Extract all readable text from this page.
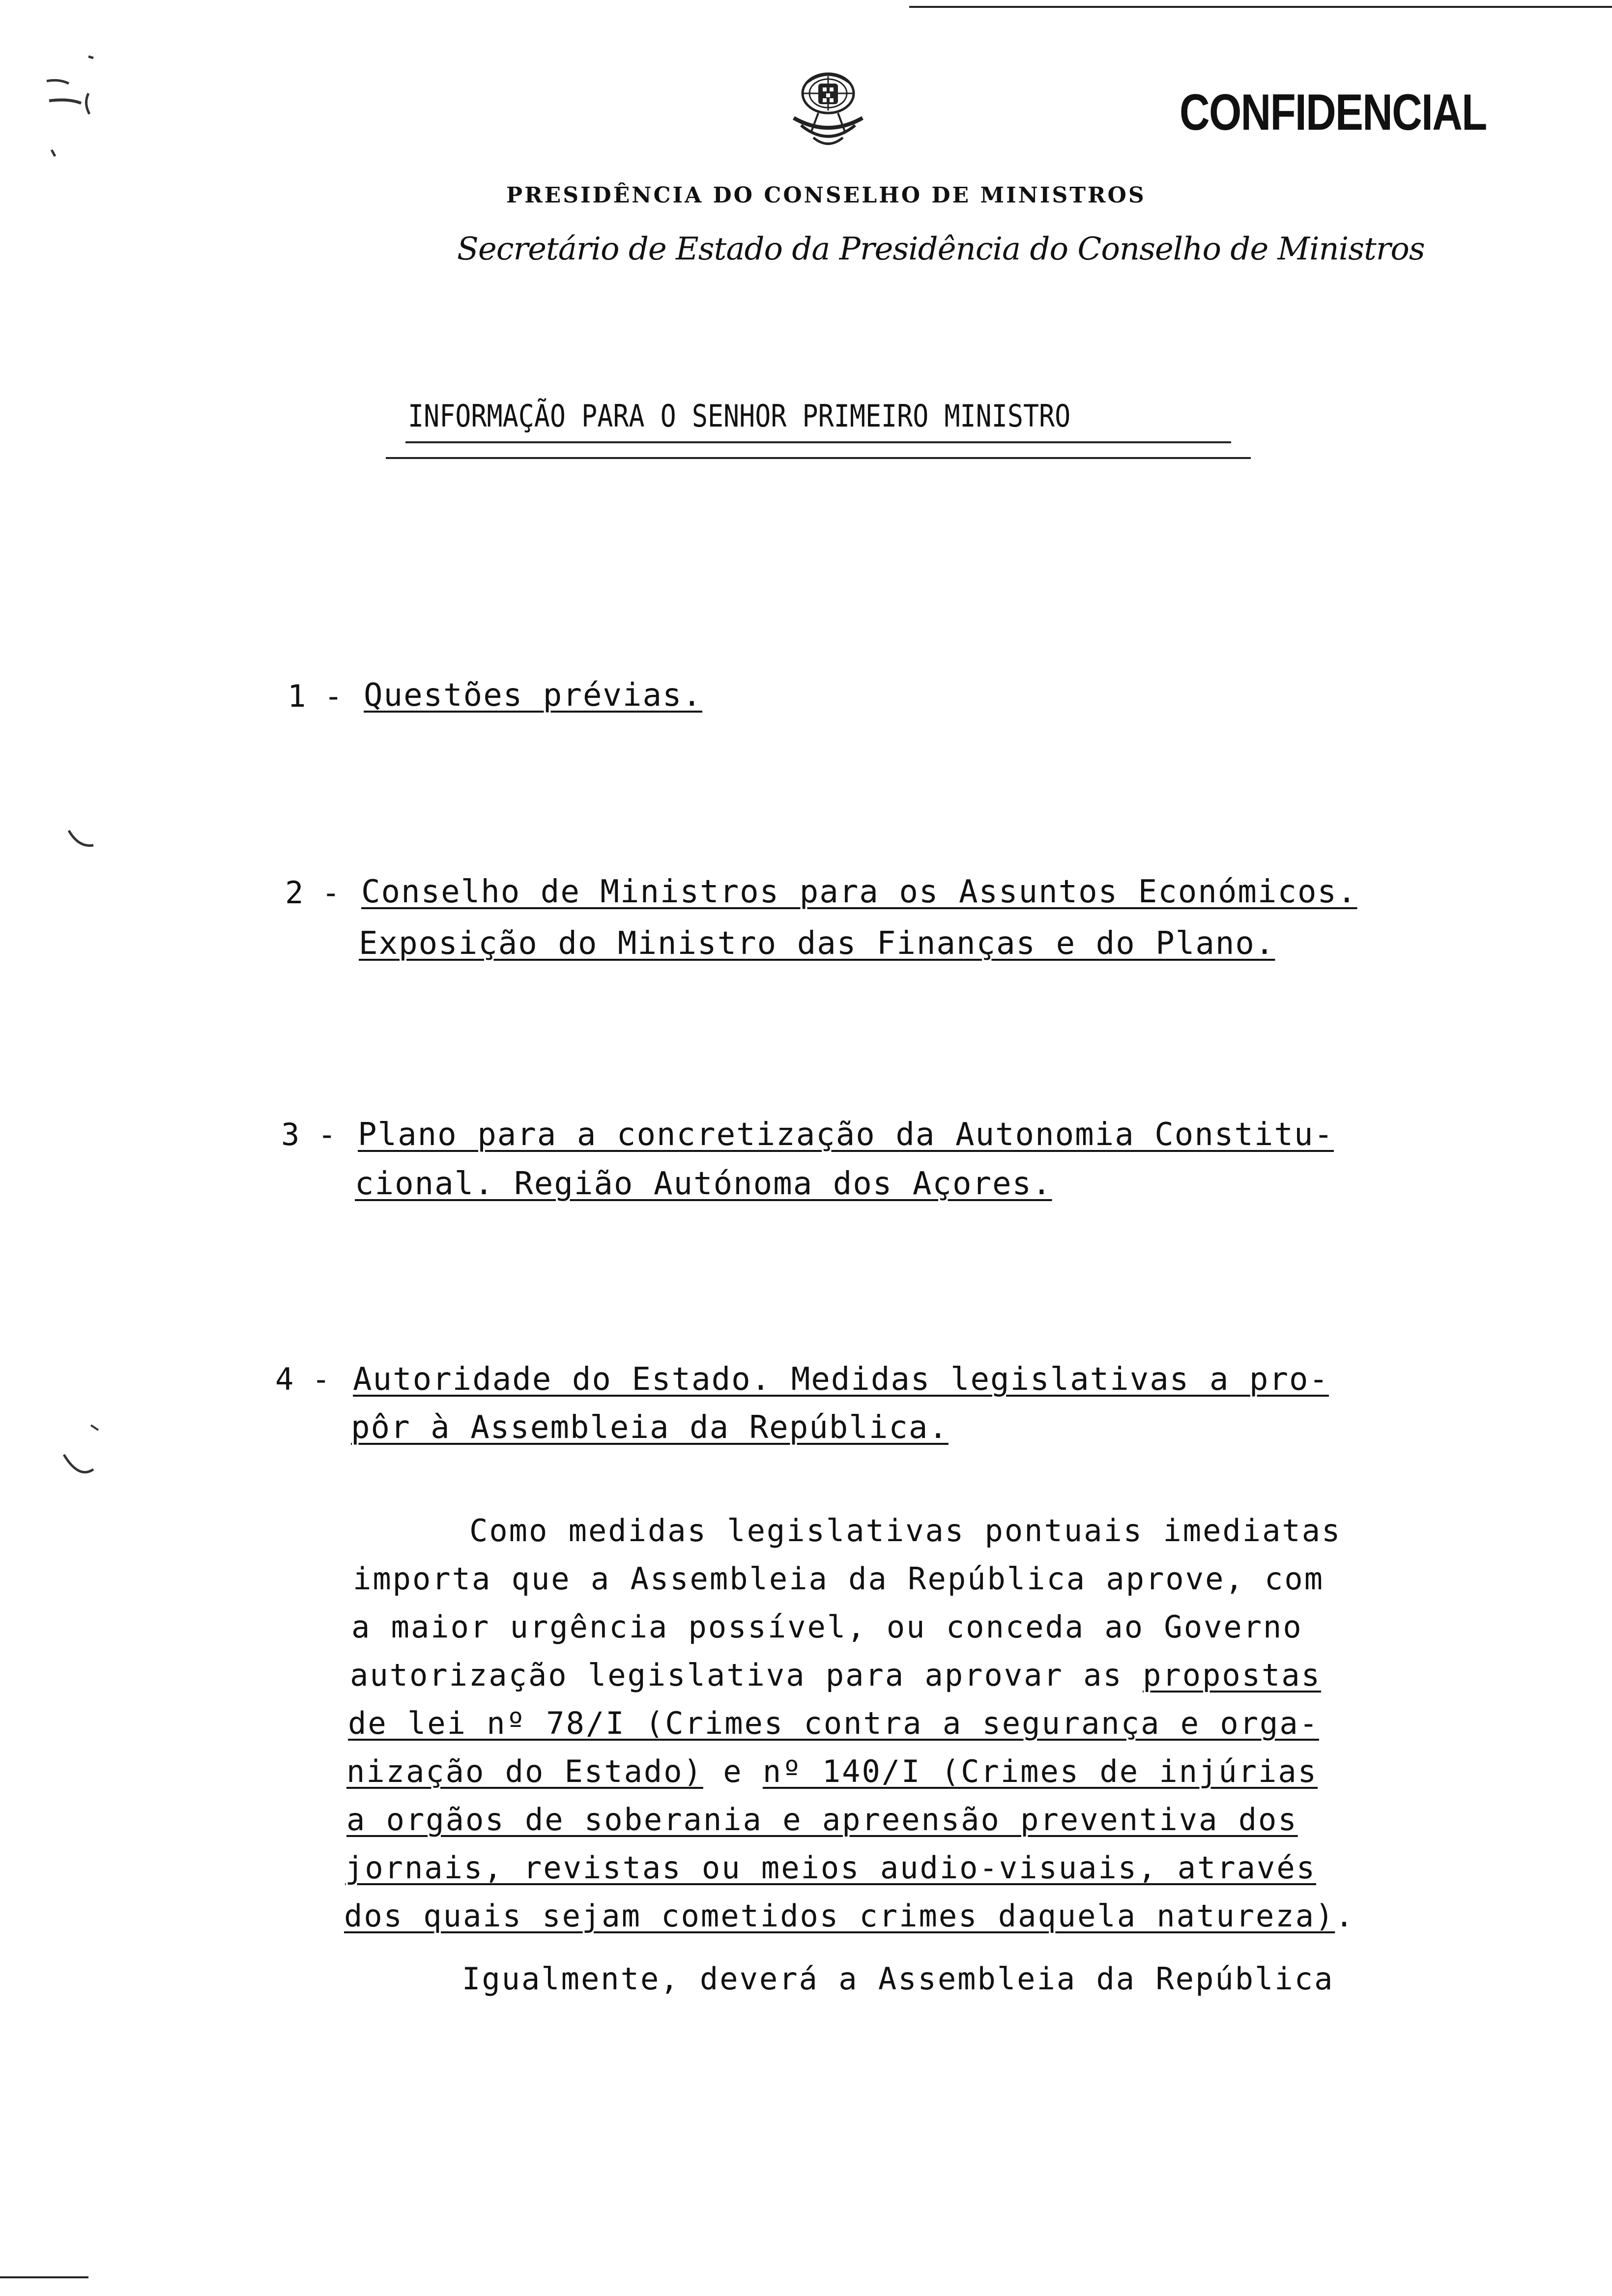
CONFIDENCIAL
PRESIDÊNCIA DO CONSELHO DE MINISTROS
Secretário de Estado da Presidência do Conselho de Ministros
INFORMAÇÃO PARA O SENHOR PRIMEIRO MINISTRO
1 - Questões prévias.
2 - Conselho de Ministros para os Assuntos Económicos.
Exposição do Ministro das Finanças e do Plano.
3 - Plano para a concretização da Autonomia Constitu-
cional. Região Autónoma dos Açores.
4 - Autoridade do Estado. Medidas legislativas a pro-
pôr à Assembleia da República.
Como medidas legislativas pontuais imediatas
importa que a Assembleia da República aprove, com
a maior urgência possível, ou conceda ao Governo
autorização legislativa para aprovar as propostas
de lei nº 78/I (Crimes contra a segurança e orga-
nização do Estado) e nº 140/I (Crimes de injúrias
a orgãos de soberania e apreensão preventiva dos
jornais, revistas ou meios audio-visuais, através
dos quais sejam cometidos crimes daquela natureza).
Igualmente, deverá a Assembleia da República
